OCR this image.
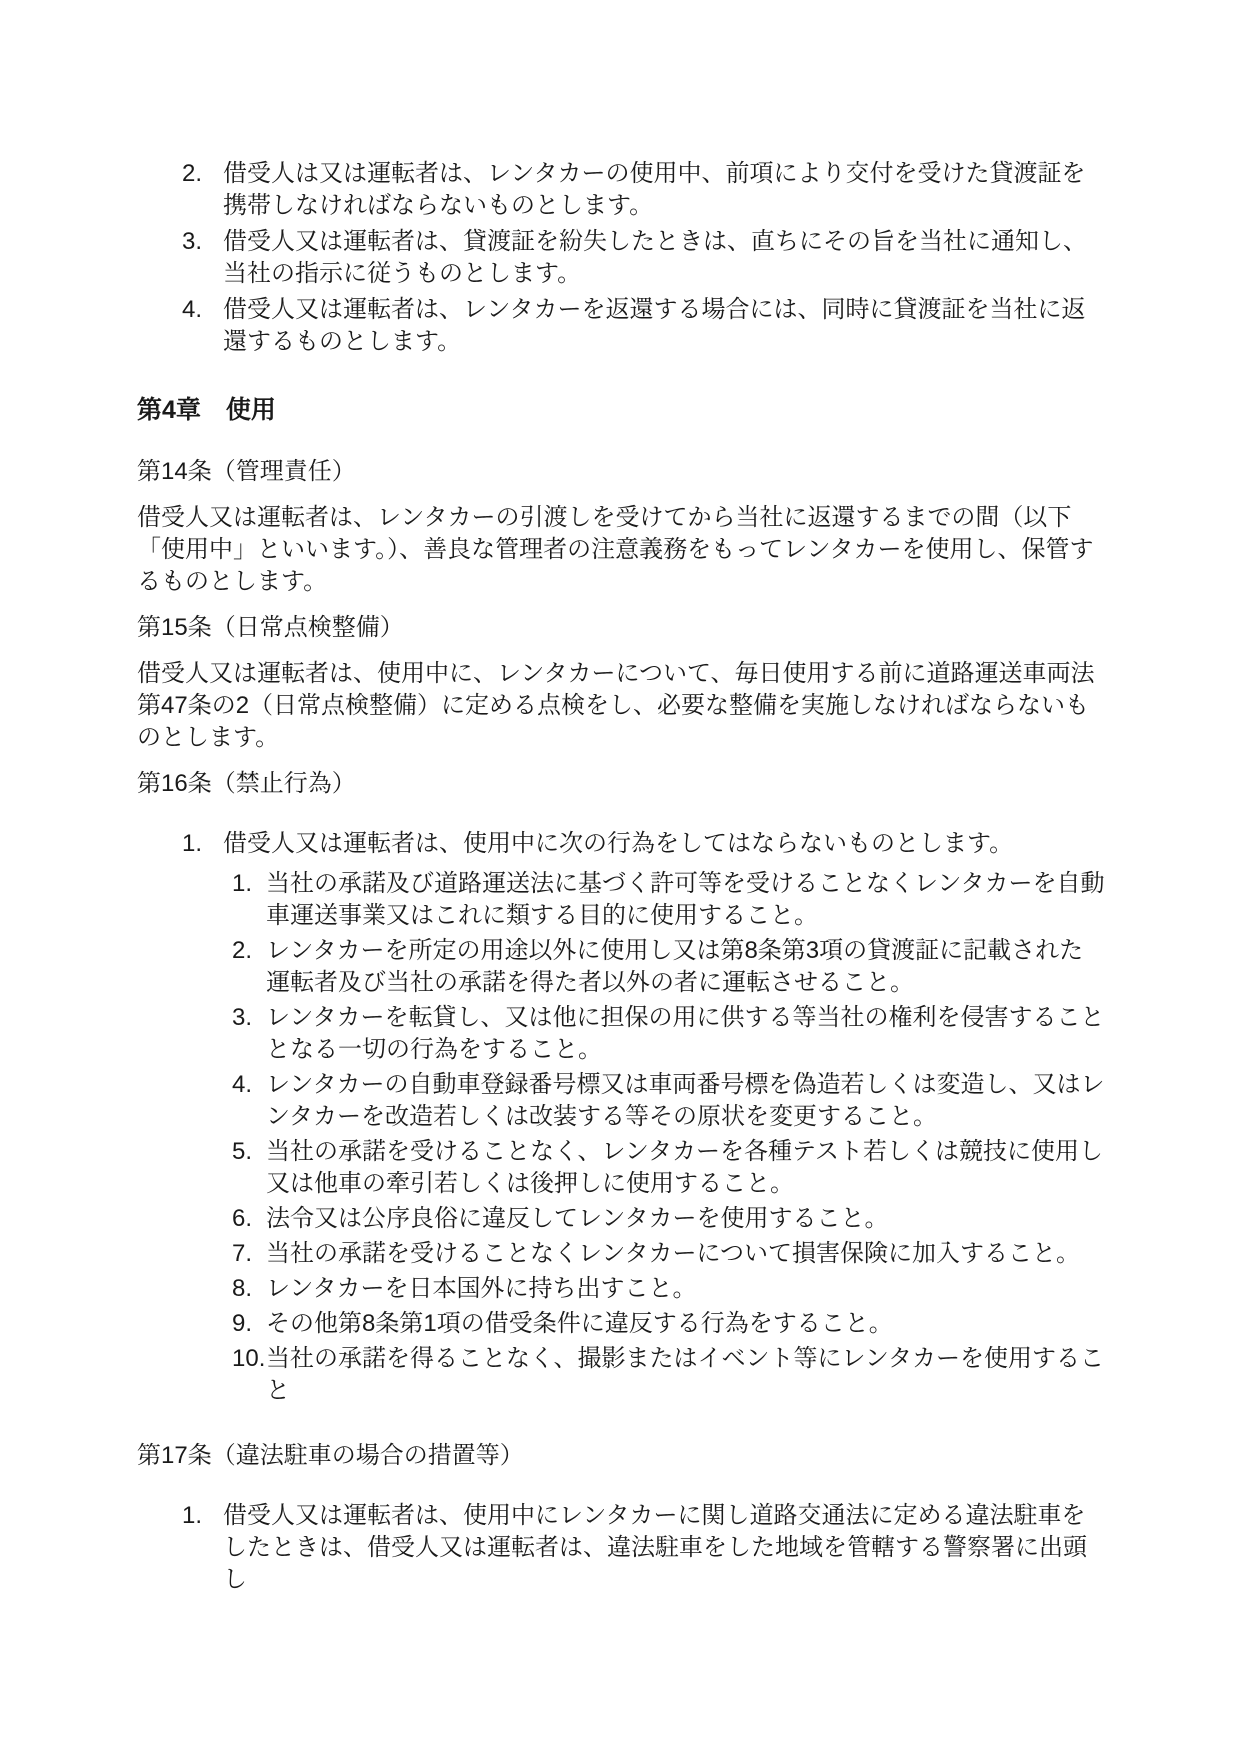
2. 借受人は又は運転者は、レンタカーの使用中、前項により交付を受けた貸渡証を携帯しなければならないものとします。
3. 借受人又は運転者は、貸渡証を紛失したときは、直ちにその旨を当社に通知し、当社の指示に従うものとします。
4. 借受人又は運転者は、レンタカーを返還する場合には、同時に貸渡証を当社に返還するものとします。
第4章　使用
第14条（管理責任）
借受人又は運転者は、レンタカーの引渡しを受けてから当社に返還するまでの間（以下「使用中」といいます。）、善良な管理者の注意義務をもってレンタカーを使用し、保管するものとします。
第15条（日常点検整備）
借受人又は運転者は、使用中に、レンタカーについて、毎日使用する前に道路運送車両法第47条の2（日常点検整備）に定める点検をし、必要な整備を実施しなければならないものとします。
第16条（禁止行為）
1. 借受人又は運転者は、使用中に次の行為をしてはならないものとします。
1. 当社の承諾及び道路運送法に基づく許可等を受けることなくレンタカーを自動車運送事業又はこれに類する目的に使用すること。
2. レンタカーを所定の用途以外に使用し又は第8条第3項の貸渡証に記載された運転者及び当社の承諾を得た者以外の者に運転させること。
3. レンタカーを転貸し、又は他に担保の用に供する等当社の権利を侵害することとなる一切の行為をすること。
4. レンタカーの自動車登録番号標又は車両番号標を偽造若しくは変造し、又はレンタカーを改造若しくは改装する等その原状を変更すること。
5. 当社の承諾を受けることなく、レンタカーを各種テスト若しくは競技に使用し又は他車の牽引若しくは後押しに使用すること。
6. 法令又は公序良俗に違反してレンタカーを使用すること。
7. 当社の承諾を受けることなくレンタカーについて損害保険に加入すること。
8. レンタカーを日本国外に持ち出すこと。
9. その他第8条第1項の借受条件に違反する行為をすること。
10. 当社の承諾を得ることなく、撮影またはイベント等にレンタカーを使用すること
第17条（違法駐車の場合の措置等）
1. 借受人又は運転者は、使用中にレンタカーに関し道路交通法に定める違法駐車をしたときは、借受人又は運転者は、違法駐車をした地域を管轄する警察署に出頭し
